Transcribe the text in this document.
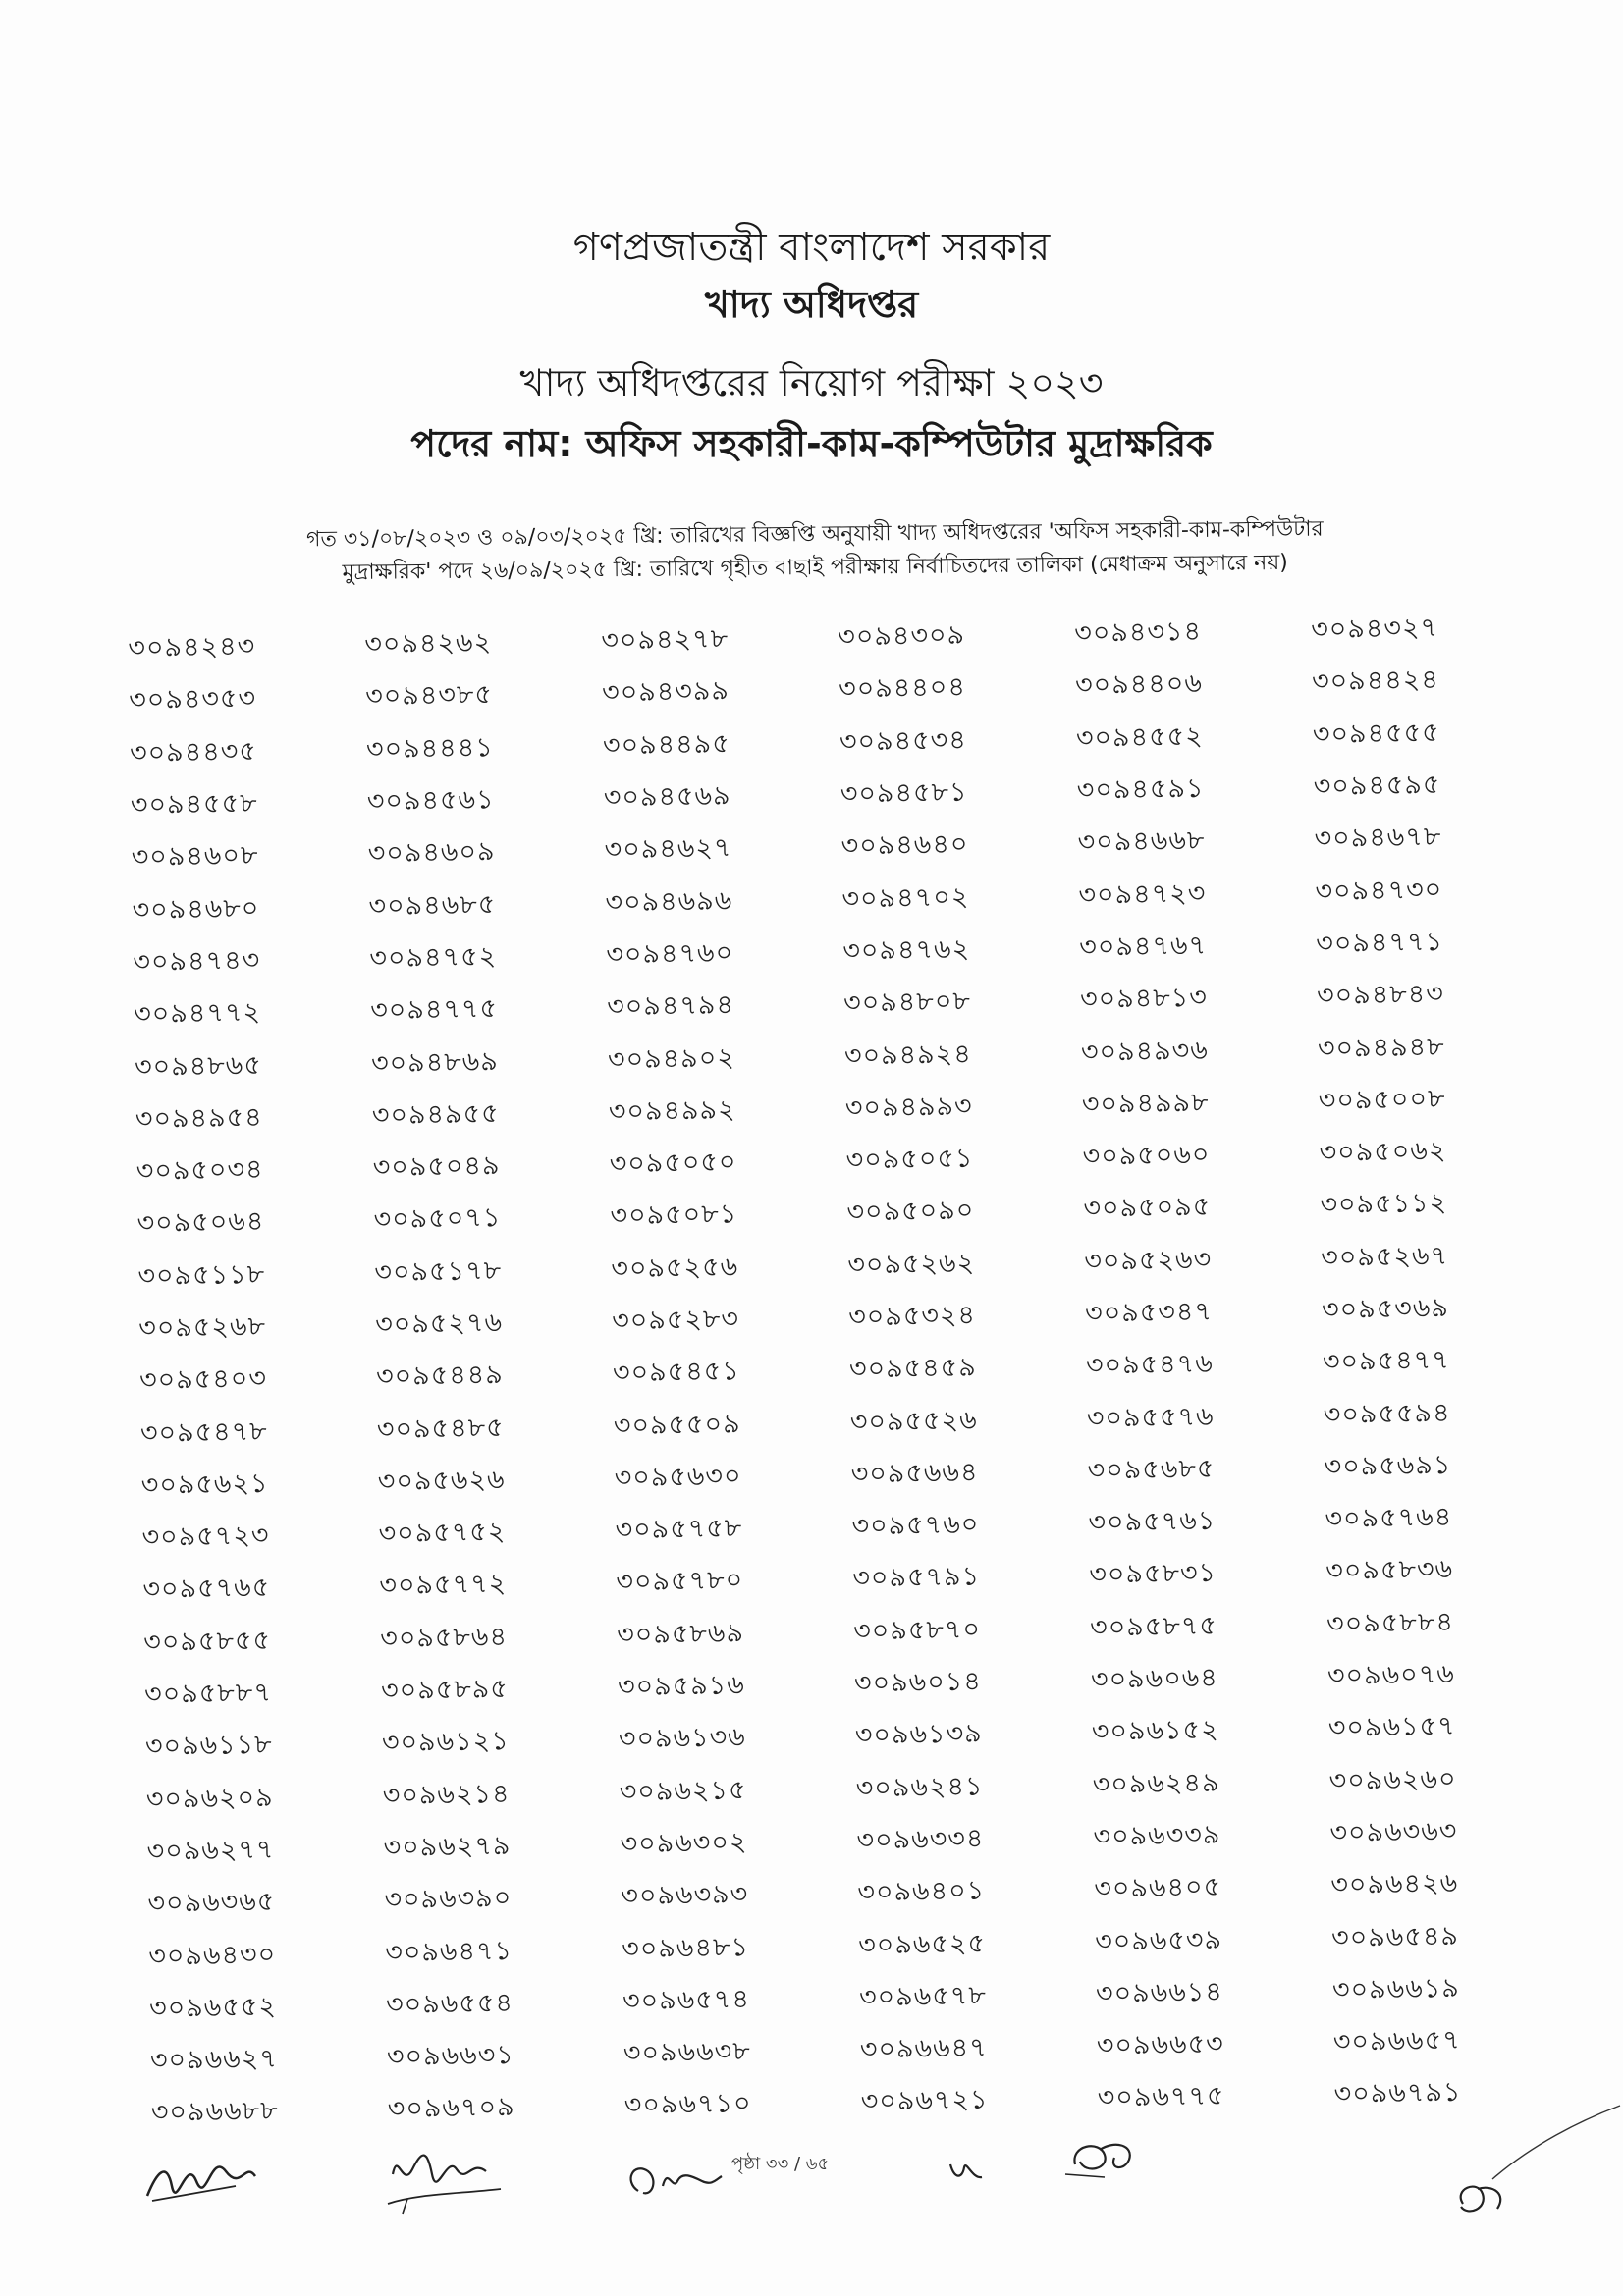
গণপ্রজাতন্ত্রী বাংলাদেশ সরকার

খাদ্য অধিদপ্তর

খাদ্য অধিদপ্তরের নিয়োগ পরীক্ষা ২০২৩

পদের নাম: অফিস সহকারী-কাম-কম্পিউটার মুদ্রাক্ষরিক

গত ৩১/০৮/২০২৩ ও ০৯/০৩/২০২৫ খ্রি: তারিখের বিজ্ঞপ্তি অনুযায়ী খাদ্য অধিদপ্তরের 'অফিস সহকারী-কাম-কম্পিউটার
মুদ্রাক্ষরিক' পদে ২৬/০৯/২০২৫ খ্রি: তারিখে গৃহীত বাছাই পরীক্ষায় নির্বাচিতদের তালিকা (মেধাক্রম অনুসারে নয়)
৩০৯৪২৪৩	৩০৯৪২৬২	৩০৯৪২৭৮	৩০৯৪৩০৯	৩০৯৪৩১৪	৩০৯৪৩২৭
৩০৯৪৩৫৩	৩০৯৪৩৮৫	৩০৯৪৩৯৯	৩০৯৪৪০৪	৩০৯৪৪০৬	৩০৯৪৪২৪
৩০৯৪৪৩৫	৩০৯৪৪৪১	৩০৯৪৪৯৫	৩০৯৪৫৩৪	৩০৯৪৫৫২	৩০৯৪৫৫৫
৩০৯৪৫৫৮	৩০৯৪৫৬১	৩০৯৪৫৬৯	৩০৯৪৫৮১	৩০৯৪৫৯১	৩০৯৪৫৯৫
৩০৯৪৬০৮	৩০৯৪৬০৯	৩০৯৪৬২৭	৩০৯৪৬৪০	৩০৯৪৬৬৮	৩০৯৪৬৭৮
৩০৯৪৬৮০	৩০৯৪৬৮৫	৩০৯৪৬৯৬	৩০৯৪৭০২	৩০৯৪৭২৩	৩০৯৪৭৩০
৩০৯৪৭৪৩	৩০৯৪৭৫২	৩০৯৪৭৬০	৩০৯৪৭৬২	৩০৯৪৭৬৭	৩০৯৪৭৭১
৩০৯৪৭৭২	৩০৯৪৭৭৫	৩০৯৪৭৯৪	৩০৯৪৮০৮	৩০৯৪৮১৩	৩০৯৪৮৪৩
৩০৯৪৮৬৫	৩০৯৪৮৬৯	৩০৯৪৯০২	৩০৯৪৯২৪	৩০৯৪৯৩৬	৩০৯৪৯৪৮
৩০৯৪৯৫৪	৩০৯৪৯৫৫	৩০৯৪৯৯২	৩০৯৪৯৯৩	৩০৯৪৯৯৮	৩০৯৫০০৮
৩০৯৫০৩৪	৩০৯৫০৪৯	৩০৯৫০৫০	৩০৯৫০৫১	৩০৯৫০৬০	৩০৯৫০৬২
৩০৯৫০৬৪	৩০৯৫০৭১	৩০৯৫০৮১	৩০৯৫০৯০	৩০৯৫০৯৫	৩০৯৫১১২
৩০৯৫১১৮	৩০৯৫১৭৮	৩০৯৫২৫৬	৩০৯৫২৬২	৩০৯৫২৬৩	৩০৯৫২৬৭
৩০৯৫২৬৮	৩০৯৫২৭৬	৩০৯৫২৮৩	৩০৯৫৩২৪	৩০৯৫৩৪৭	৩০৯৫৩৬৯
৩০৯৫৪০৩	৩০৯৫৪৪৯	৩০৯৫৪৫১	৩০৯৫৪৫৯	৩০৯৫৪৭৬	৩০৯৫৪৭৭
৩০৯৫৪৭৮	৩০৯৫৪৮৫	৩০৯৫৫০৯	৩০৯৫৫২৬	৩০৯৫৫৭৬	৩০৯৫৫৯৪
৩০৯৫৬২১	৩০৯৫৬২৬	৩০৯৫৬৩০	৩০৯৫৬৬৪	৩০৯৫৬৮৫	৩০৯৫৬৯১
৩০৯৫৭২৩	৩০৯৫৭৫২	৩০৯৫৭৫৮	৩০৯৫৭৬০	৩০৯৫৭৬১	৩০৯৫৭৬৪
৩০৯৫৭৬৫	৩০৯৫৭৭২	৩০৯৫৭৮০	৩০৯৫৭৯১	৩০৯৫৮৩১	৩০৯৫৮৩৬
৩০৯৫৮৫৫	৩০৯৫৮৬৪	৩০৯৫৮৬৯	৩০৯৫৮৭০	৩০৯৫৮৭৫	৩০৯৫৮৮৪
৩০৯৫৮৮৭	৩০৯৫৮৯৫	৩০৯৫৯১৬	৩০৯৬০১৪	৩০৯৬০৬৪	৩০৯৬০৭৬
৩০৯৬১১৮	৩০৯৬১২১	৩০৯৬১৩৬	৩০৯৬১৩৯	৩০৯৬১৫২	৩০৯৬১৫৭
৩০৯৬২০৯	৩০৯৬২১৪	৩০৯৬২১৫	৩০৯৬২৪১	৩০৯৬২৪৯	৩০৯৬২৬০
৩০৯৬২৭৭	৩০৯৬২৭৯	৩০৯৬৩০২	৩০৯৬৩৩৪	৩০৯৬৩৩৯	৩০৯৬৩৬৩
৩০৯৬৩৬৫	৩০৯৬৩৯০	৩০৯৬৩৯৩	৩০৯৬৪০১	৩০৯৬৪০৫	৩০৯৬৪২৬
৩০৯৬৪৩০	৩০৯৬৪৭১	৩০৯৬৪৮১	৩০৯৬৫২৫	৩০৯৬৫৩৯	৩০৯৬৫৪৯
৩০৯৬৫৫২	৩০৯৬৫৫৪	৩০৯৬৫৭৪	৩০৯৬৫৭৮	৩০৯৬৬১৪	৩০৯৬৬১৯
৩০৯৬৬২৭	৩০৯৬৬৩১	৩০৯৬৬৩৮	৩০৯৬৬৪৭	৩০৯৬৬৫৩	৩০৯৬৬৫৭
৩০৯৬৬৮৮	৩০৯৬৭০৯	৩০৯৬৭১০	৩০৯৬৭২১	৩০৯৬৭৭৫	৩০৯৬৭৯১
পৃষ্ঠা ৩৩ / ৬৫
